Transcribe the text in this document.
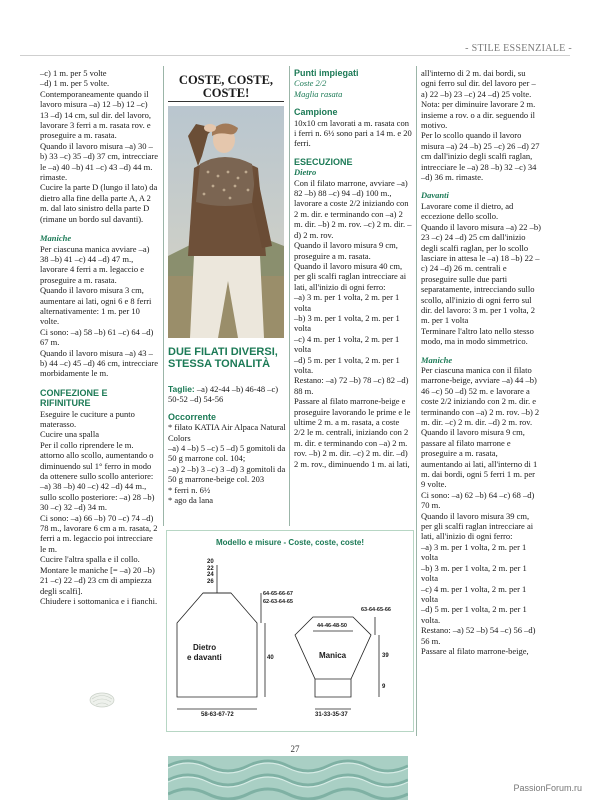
- STILE ESSENZIALE -

–c) 1 m. per 5 volte

–d) 1 m. per 5 volte.

Contemporaneamente quando il lavoro misura –a) 12 –b) 12 –c) 13 –d) 14 cm, sul dir. del lavoro, lavorare 3 ferri a m. rasata rov. e proseguire a m. rasata.

Quando il lavoro misura –a) 30 –b) 33 –c) 35 –d) 37 cm, intrecciare le –a) 40 –b) 41 –c) 43 –d) 44 m. rimaste.

Cucire la parte D (lungo il lato) da dietro alla fine della parte A, A 2 m. dal lato sinistro della parte D (rimane un bordo sul davanti).

Maniche

Per ciascuna manica avviare –a) 38 –b) 41 –c) 44 –d) 47 m., lavorare 4 ferri a m. legaccio e proseguire a m. rasata.

Quando il lavoro misura 3 cm, aumentare ai lati, ogni 6 e 8 ferri alternativamente: 1 m. per 10 volte.

Ci sono: –a) 58 –b) 61 –c) 64 –d) 67 m.

Quando il lavoro misura –a) 43 –b) 44 –c) 45 –d) 46 cm, intrecciare morbidamente le m.

CONFEZIONE E RIFINITURE

Eseguire le cuciture a punto materasso.

Cucire una spalla

Per il collo riprendere le m. attorno allo scollo, aumentando o diminuendo sul 1° ferro in modo da ottenere sullo scollo anteriore: –a) 38 –b) 40 –c) 42 –d) 44 m., sullo scollo posteriore: –a) 28 –b) 30 –c) 32 –d) 34 m.

Ci sono: –a) 66 –b) 70 –c) 74 –d) 78 m., lavorare 6 cm a m. rasata, 2 ferri a m. legaccio poi intrecciare le m.

Cucire l'altra spalla e il collo.

Montare le maniche [= –a) 20 –b) 21 –c) 22 –d) 23 cm di ampiezza degli scalfi].

Chiudere i sottomanica e i fianchi.

COSTE, COSTE, COSTE!
DUE FILATI DIVERSI, STESSA TONALITÀ

Taglie: –a) 42-44 –b) 46-48 –c) 50-52 –d) 54-56

Occorrente

* filato KATIA Air Alpaca Natural Colors

–a) 4 –b) 5 –c) 5 –d) 5 gomitoli da 50 g marrone col. 104;

–a) 2 –b) 3 –c) 3 –d) 3 gomitoli da 50 g marrone-beige col. 203

* ferri n. 6½

* ago da lana

Punti impiegati

Coste 2/2

Maglia rasata

Campione

10x10 cm lavorati a m. rasata con i ferri n. 6½ sono pari a 14 m. e 20 ferri.

ESECUZIONE

Dietro

Con il filato marrone, avviare –a) 82 –b) 88 –c) 94 –d) 100 m., lavorare a coste 2/2 iniziando con 2 m. dir. e terminando con –a) 2 m. dir. –b) 2 m. rov. –c) 2 m. dir. –d) 2 m. rov.

Quando il lavoro misura 9 cm, proseguire a m. rasata.

Quando il lavoro misura 40 cm, per gli scalfi raglan intrecciare ai lati, all'inizio di ogni ferro:

–a) 3 m. per 1 volta, 2 m. per 1 volta

–b) 3 m. per 1 volta, 2 m. per 1 volta

–c) 4 m. per 1 volta, 2 m. per 1 volta

–d) 5 m. per 1 volta, 2 m. per 1 volta.

Restano: –a) 72 –b) 78 –c) 82 –d) 88 m.

Passare al filato marrone-beige e proseguire lavorando le prime e le ultime 2 m. a m. rasata, a coste 2/2 le m. centrali, iniziando con 2 m. dir. e terminando con –a) 2 m. rov. –b) 2 m. dir. –c) 2 m. dir. –d) 2 m. rov., diminuendo 1 m. ai lati,

all'interno di 2 m. dai bordi, su ogni ferro sul dir. del lavoro per –a) 22 –b) 23 –c) 24 –d) 25 volte.

Nota: per diminuire lavorare 2 m. insieme a rov. o a dir. seguendo il motivo.

Per lo scollo quando il lavoro misura –a) 24 –b) 25 –c) 26 –d) 27 cm dall'inizio degli scalfi raglan, intrecciare le –a) 28 –b) 32 –c) 34 –d) 36 m. rimaste.

Davanti

Lavorare come il dietro, ad eccezione dello scollo.

Quando il lavoro misura –a) 22 –b) 23 –c) 24 –d) 25 cm dall'inizio degli scalfi raglan, per lo scollo lasciare in attesa le –a) 18 –b) 22 –c) 24 –d) 26 m. centrali e proseguire sulle due parti separatamente, intrecciando sullo scollo, all'inizio di ogni ferro sul dir. del lavoro: 3 m. per 1 volta, 2 m. per 1 volta

Terminare l'altro lato nello stesso modo, ma in modo simmetrico.

Maniche

Per ciascuna manica con il filato marrone-beige, avviare –a) 44 –b) 46 –c) 50 –d) 52 m. e lavorare a coste 2/2 iniziando con 2 m. dir. e terminando con –a) 2 m. rov. –b) 2 m. dir. –c) 2 m. dir. –d) 2 m. rov.

Quando il lavoro misura 9 cm, passare al filato marrone e proseguire a m. rasata, aumentando ai lati, all'interno di 1 m. dai bordi, ogni 5 ferri 1 m. per 9 volte.

Ci sono: –a) 62 –b) 64 –c) 68 –d) 70 m.

Quando il lavoro misura 39 cm, per gli scalfi raglan intrecciare ai lati, all'inizio di ogni ferro:

–a) 3 m. per 1 volta, 2 m. per 1 volta

–b) 3 m. per 1 volta, 2 m. per 1 volta

–c) 4 m. per 1 volta, 2 m. per 1 volta

–d) 5 m. per 1 volta, 2 m. per 1 volta.

Restano: –a) 52 –b) 54 –c) 56 –d) 56 m.

Passare al filato marrone-beige,

Modello e misure - Coste, coste, coste!
20
22
24
26
64-65-66-67
62-63-64-65
40
Dietro
e davanti
58-63-67-72
63-64-65-66
44-46-48-50
Manica	39
9
31-33-35-37
27
PassionForum.ru
